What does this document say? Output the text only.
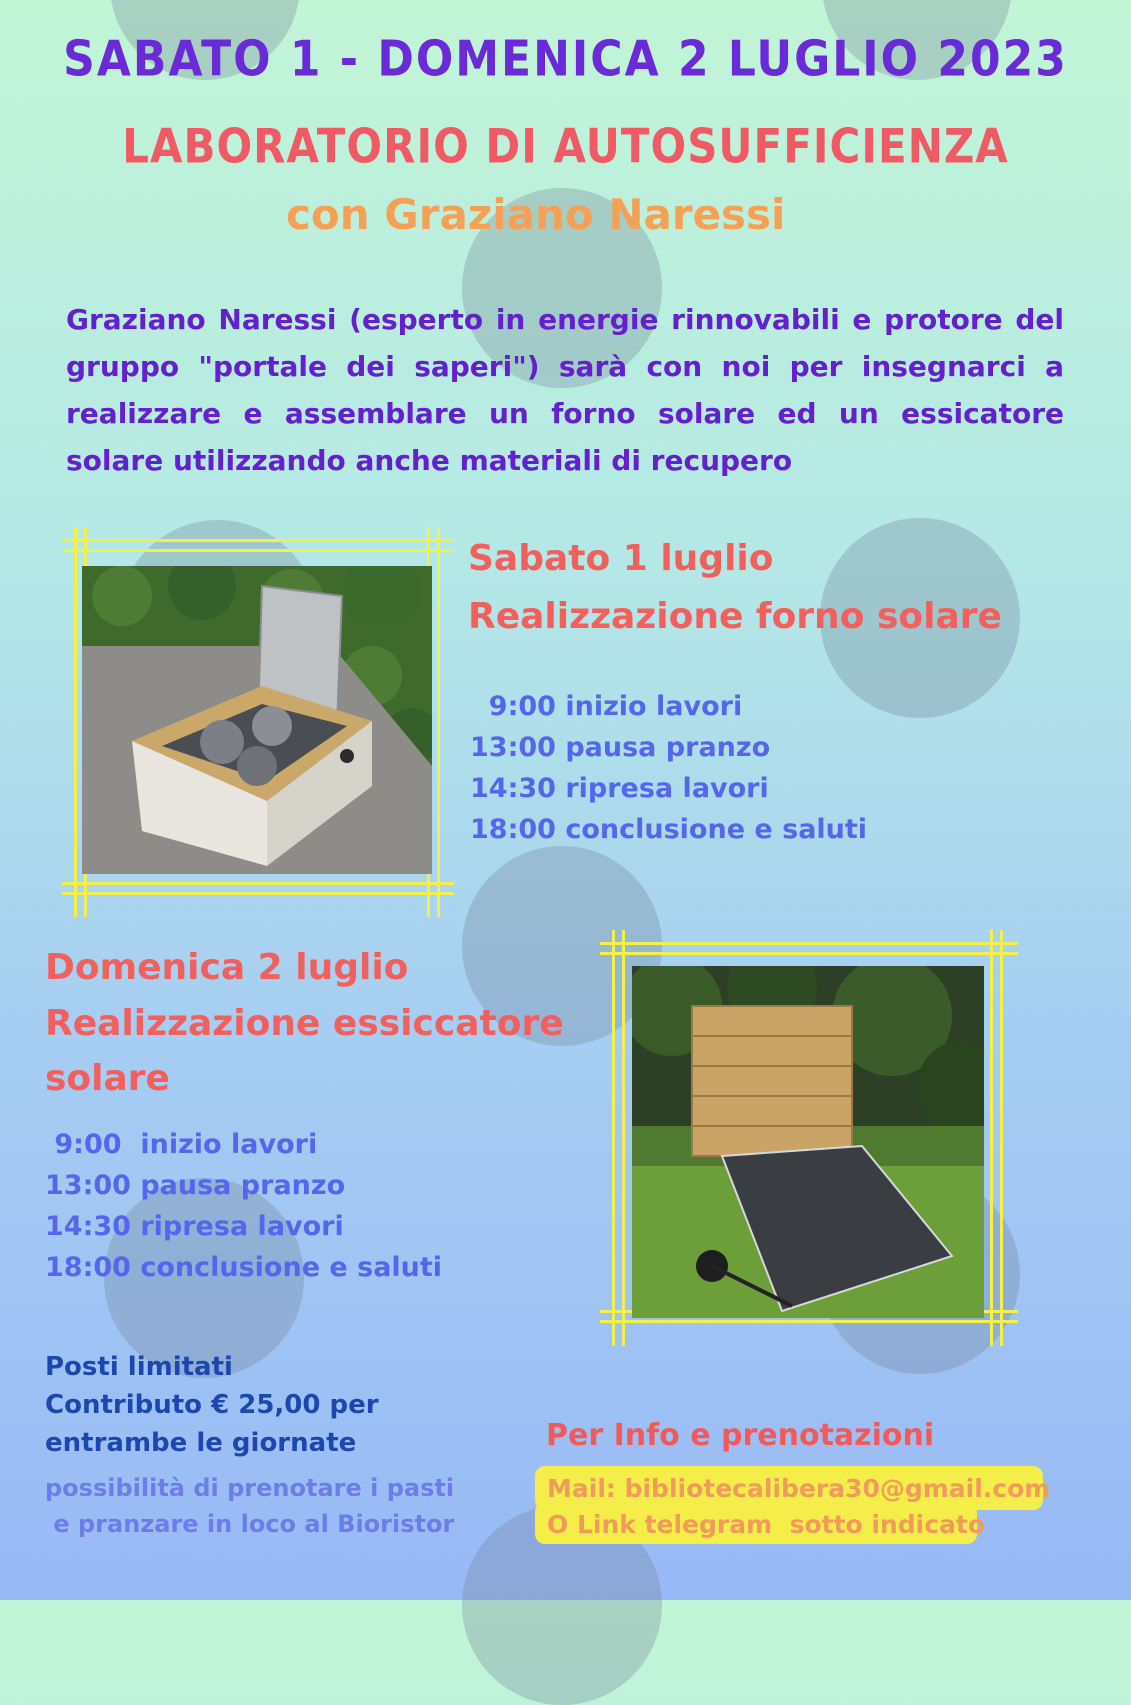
SABATO 1 - DOMENICA 2 LUGLIO 2023
LABORATORIO DI AUTOSUFFICIENZA
con Graziano Naressi
Graziano Naressi (esperto in energie rinnovabili e protore del gruppo "portale dei saperi") sarà con noi per insegnarci a realizzare e assemblare un forno solare ed un essicatore solare utilizzando anche materiali di recupero
Sabato 1 luglio
Realizzazione forno solare
9:00 inizio lavori
13:00 pausa pranzo
14:30 ripresa lavori
18:00 conclusione e saluti
Domenica 2 luglio
Realizzazione essiccatore
solare
9:00  inizio lavori
13:00 pausa pranzo
14:30 ripresa lavori
18:00 conclusione e saluti
Posti limitati
Contributo € 25,00 per
entrambe le giornate
possibilità di prenotare i pasti
e pranzare in loco al Bioristor
Per Info e prenotazioni
Mail: bibliotecalibera30@gmail.com
O Link telegram  sotto indicato
